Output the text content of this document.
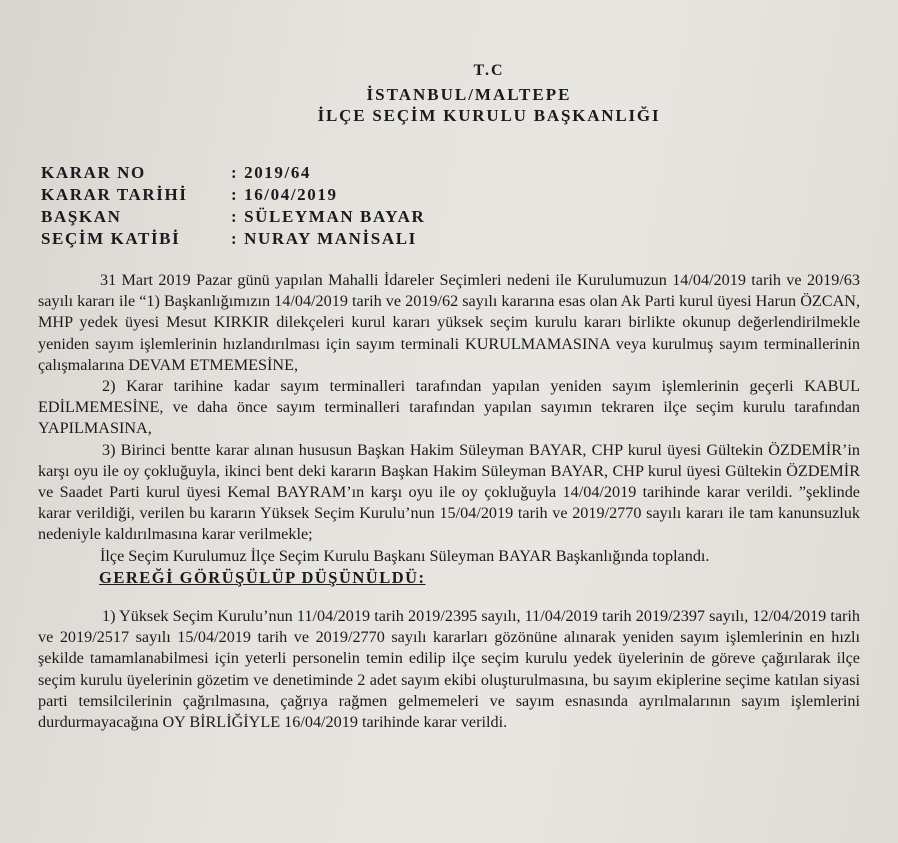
T.C
İSTANBUL/MALTEPE
İLÇE SEÇİM KURULU BAŞKANLIĞI
KARAR NO	: 2019/64
KARAR TARİHİ	: 16/04/2019
BAŞKAN	: SÜLEYMAN BAYAR
SEÇİM KATİBİ	: NURAY MANİSALI

31 Mart 2019 Pazar günü yapılan Mahalli İdareler Seçimleri nedeni ile Kurulumuzun 14/04/2019 tarih ve 2019/63 sayılı kararı ile “1) Başkanlığımızın 14/04/2019 tarih ve 2019/62 sayılı kararına esas olan Ak Parti kurul üyesi Harun ÖZCAN, MHP yedek üyesi Mesut KIRKIR dilekçeleri kurul kararı yüksek seçim kurulu kararı birlikte okunup değerlendirilmekle yeniden sayım işlemlerinin hızlandırılması için sayım terminali KURULMAMASINA veya kurulmuş sayım terminallerinin çalışmalarına DEVAM ETMEMESİNE,

2) Karar tarihine kadar sayım terminalleri tarafından yapılan yeniden sayım işlemlerinin geçerli KABUL EDİLMEMESİNE, ve daha önce sayım terminalleri tarafından yapılan sayımın tekraren ilçe seçim kurulu tarafından YAPILMASINA,

3) Birinci bentte karar alınan hususun Başkan Hakim Süleyman BAYAR, CHP kurul üyesi Gültekin ÖZDEMİR’in karşı oyu ile oy çokluğuyla, ikinci bent deki kararın Başkan Hakim Süleyman BAYAR, CHP kurul üyesi Gültekin ÖZDEMİR ve Saadet Parti kurul üyesi Kemal BAYRAM’ın karşı oyu ile oy çokluğuyla 14/04/2019 tarihinde karar verildi. ”şeklinde karar verildiği, verilen bu kararın Yüksek Seçim Kurulu’nun 15/04/2019 tarih ve 2019/2770 sayılı kararı ile tam kanunsuzluk nedeniyle kaldırılmasına karar verilmekle;

İlçe Seçim Kurulumuz İlçe Seçim Kurulu Başkanı Süleyman BAYAR Başkanlığında toplandı.

GEREĞİ GÖRÜŞÜLÜP DÜŞÜNÜLDÜ:

1) Yüksek Seçim Kurulu’nun 11/04/2019 tarih 2019/2395 sayılı, 11/04/2019 tarih 2019/2397 sayılı, 12/04/2019 tarih ve 2019/2517 sayılı 15/04/2019 tarih ve 2019/2770 sayılı kararları gözönüne alınarak yeniden sayım işlemlerinin en hızlı şekilde tamamlanabilmesi için yeterli personelin temin edilip ilçe seçim kurulu yedek üyelerinin de göreve çağırılarak ilçe seçim kurulu üyelerinin gözetim ve denetiminde 2 adet sayım ekibi oluşturulmasına, bu sayım ekiplerine seçime katılan siyasi parti temsilcilerinin çağrılmasına, çağrıya rağmen gelmemeleri ve sayım esnasında ayrılmalarının sayım işlemlerini durdurmayacağına OY BİRLİĞİYLE 16/04/2019 tarihinde karar verildi.
